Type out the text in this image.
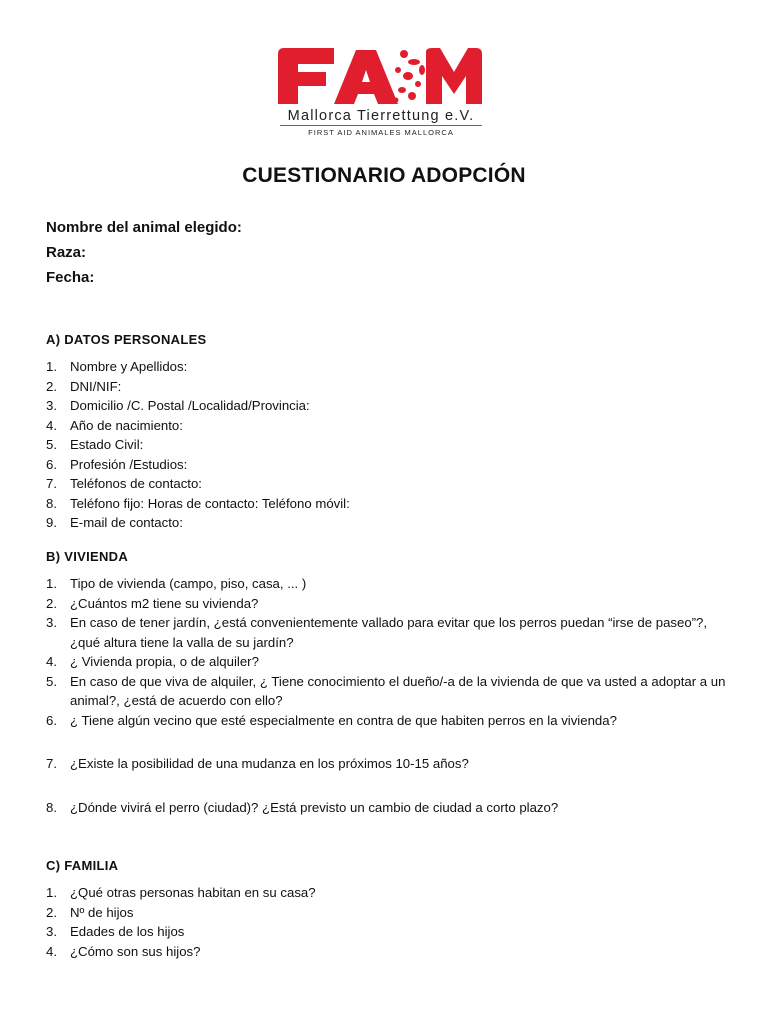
Mallorca Tierrettung e.V.
FIRST AID ANIMALES MALLORCA
CUESTIONARIO ADOPCIÓN
Nombre del animal elegido:
Raza:
Fecha:
A) DATOS PERSONALES
1. Nombre y Apellidos:
2. DNI/NIF:
3. Domicilio /C. Postal /Localidad/Provincia:
4. Año de nacimiento:
5. Estado Civil:
6. Profesión /Estudios:
7. Teléfonos de contacto:
8. Teléfono fijo: Horas de contacto: Teléfono móvil:
9. E-mail de contacto:
B) VIVIENDA
1. Tipo de vivienda (campo, piso, casa, ... )
2. ¿Cuántos m2 tiene su vivienda?
3. En caso de tener jardín, ¿está convenientemente vallado para evitar que los perros puedan “irse de paseo”?, ¿qué altura tiene la valla de su jardín?
4. ¿ Vivienda propia, o de alquiler?
5. En caso de que viva de alquiler, ¿ Tiene conocimiento el dueño/-a de la vivienda de que va usted a adoptar a un animal?, ¿está de acuerdo con ello?
6. ¿ Tiene algún vecino que esté especialmente en contra de que habiten perros en la vivienda?
7. ¿Existe la posibilidad de una mudanza en los próximos 10-15 años?
8. ¿Dónde vivirá el perro (ciudad)? ¿Está previsto un cambio de ciudad a corto plazo?
C) FAMILIA
1. ¿Qué otras personas habitan en su casa?
2. Nº de hijos
3. Edades de los hijos
4. ¿Cómo son sus hijos?
